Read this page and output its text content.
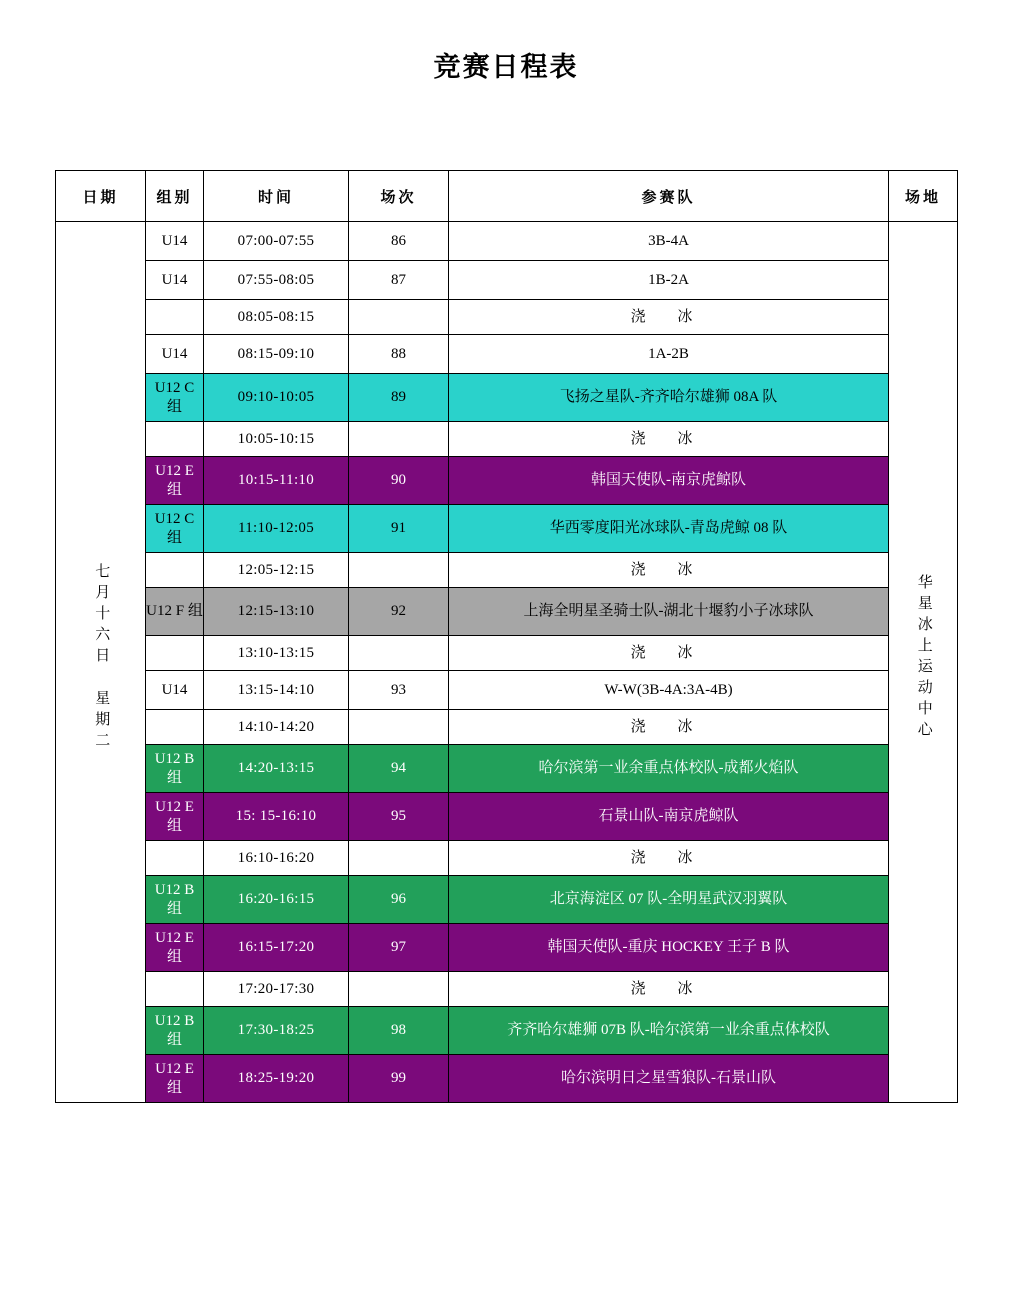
竞赛日程表
日期	组别	时间	场次	参赛队	场地
七月十六日 星期二	U14	07:00-07:55	86	3B-4A	华星冰上运动中心
	U14	07:55-08:05	87	1B-2A	
		08:05-08:15		浇 冰	
	U14	08:15-09:10	88	1A-2B	
	U12 C 组	09:10-10:05	89	飞扬之星队-齐齐哈尔雄狮 08A 队	
		10:05-10:15		浇 冰	
	U12 E 组	10:15-11:10	90	韩国天使队-南京虎鲸队	
	U12 C 组	11:10-12:05	91	华西零度阳光冰球队-青岛虎鲸 08 队	
		12:05-12:15		浇 冰	
	U12 F 组	12:15-13:10	92	上海全明星圣骑士队-湖北十堰豹小子冰球队	
		13:10-13:15		浇 冰	
	U14	13:15-14:10	93	W-W(3B-4A:3A-4B)	
		14:10-14:20		浇 冰	
	U12 B 组	14:20-13:15	94	哈尔滨第一业余重点体校队-成都火焰队	
	U12 E 组	15: 15-16:10	95	石景山队-南京虎鲸队	
		16:10-16:20		浇 冰	
	U12 B 组	16:20-16:15	96	北京海淀区 07 队-全明星武汉羽翼队	
	U12 E 组	16:15-17:20	97	韩国天使队-重庆 HOCKEY 王子 B 队	
		17:20-17:30		浇 冰	
	U12 B 组	17:30-18:25	98	齐齐哈尔雄狮 07B 队-哈尔滨第一业余重点体校队	
	U12 E 组	18:25-19:20	99	哈尔滨明日之星雪狼队-石景山队	
